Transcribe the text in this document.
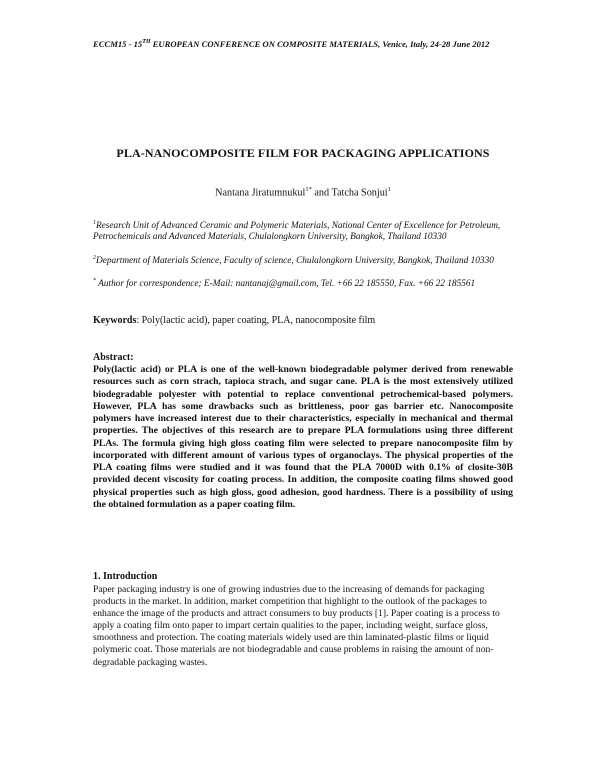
ECCM15 - 15TH EUROPEAN CONFERENCE ON COMPOSITE MATERIALS, Venice, Italy, 24-28 June 2012
PLA-NANOCOMPOSITE FILM FOR PACKAGING APPLICATIONS
Nantana Jiratumnukul$^{1*}$ and Tatcha Sonjui$^1$
$^1$Research Unit of Advanced Ceramic and Polymeric Materials, National Center of Excellence for Petroleum, Petrochemicals and Advanced Materials, Chulalongkorn University, Bangkok, Thailand 10330
$^2$Department of Materials Science, Faculty of science, Chulalongkorn University, Bangkok, Thailand 10330
* Author for correspondence; E-Mail: nantanaj@gmail.com, Tel. +66 22 185550, Fax. +66 22 185561
Keywords: Poly(lactic acid), paper coating, PLA, nanocomposite film
Abstract:
Poly(lactic acid) or PLA is one of the well-known biodegradable polymer derived from renewable resources such as corn strach, tapioca strach, and sugar cane. PLA is the most extensively utilized biodegradable polyester with potential to replace conventional petrochemical-based polymers. However, PLA has some drawbacks such as brittleness, poor gas barrier etc. Nanocomposite polymers have increased interest due to their characteristics, especially in mechanical and thermal properties. The objectives of this research are to prepare PLA formulations using three different PLAs. The formula giving high gloss coating film were selected to prepare nanocomposite film by incorporated with different amount of various types of organoclays. The physical properties of the PLA coating films were studied and it was found that the PLA 7000D with 0.1% of closite-30B provided decent viscosity for coating process. In addition, the composite coating films showed good physical properties such as high gloss, good adhesion, good hardness. There is a possibility of using the obtained formulation as a paper coating film.
1. Introduction
Paper packaging industry is one of growing industries due to the increasing of demands for packaging products in the market. In addition, market competition that highlight to the outlook of the packages to enhance the image of the products and attract consumers to buy products [1]. Paper coating is a process to apply a coating film onto paper to impart certain qualities to the paper, including weight, surface gloss, smoothness and protection. The coating materials widely used are thin laminated-plastic films or liquid polymeric coat. Those materials are not biodegradable and cause problems in raising the amount of non-degradable packaging wastes.
